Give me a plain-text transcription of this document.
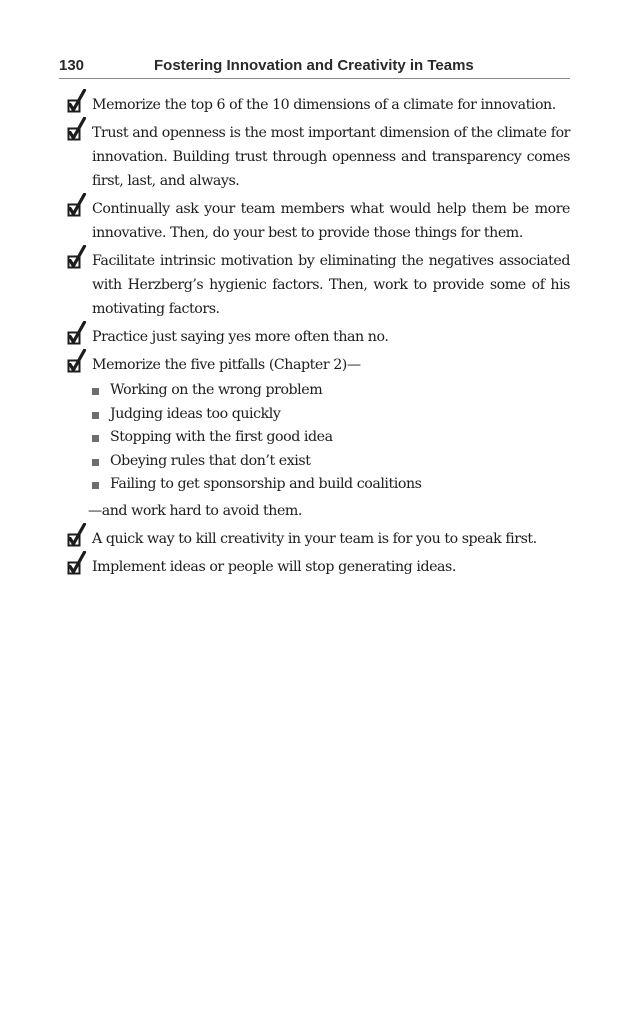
130	Fostering Innovation and Creativity in Teams
Memorize the top 6 of the 10 dimensions of a climate for innovation.
Trust and openness is the most important dimension of the climate for innovation. Building trust through openness and transparency comes first, last, and always.
Continually ask your team members what would help them be more innovative. Then, do your best to provide those things for them.
Facilitate intrinsic motivation by eliminating the negatives associated with Herzberg’s hygienic factors. Then, work to provide some of his motivating factors.
Practice just saying yes more often than no.
Memorize the five pitfalls (Chapter 2)—
Working on the wrong problem
Judging ideas too quickly
Stopping with the first good idea
Obeying rules that don’t exist
Failing to get sponsorship and build coalitions
—and work hard to avoid them.
A quick way to kill creativity in your team is for you to speak first.
Implement ideas or people will stop generating ideas.
